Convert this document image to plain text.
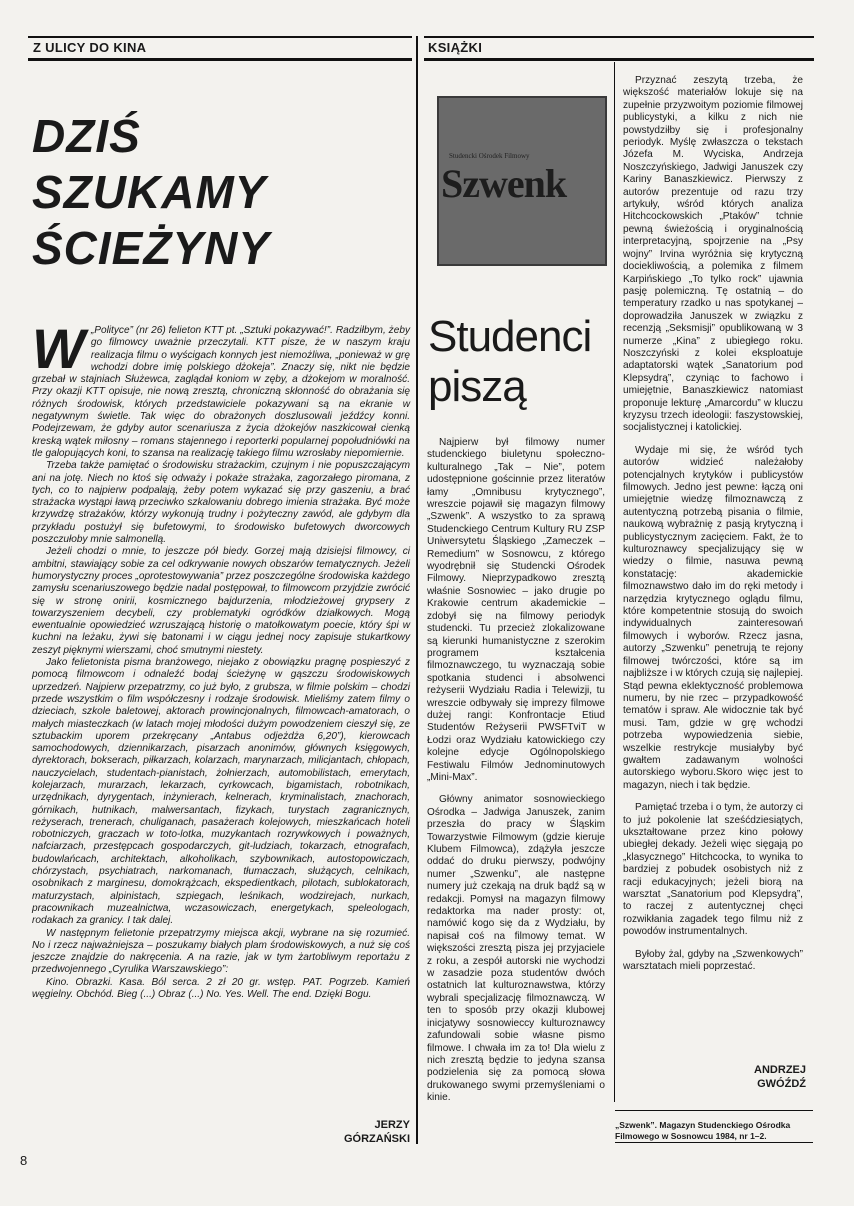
Z ULICY DO KINA	KSIĄŻKI
DZIŚ
SZUKAMY
ŚCIEŻYNY

W „Polityce” (nr 26) felieton KTT pt. „Sztuki pokazywać!”. Radziłbym, żeby go filmowcy uważnie przeczytali. KTT pisze, że w naszym kraju realizacja filmu o wyścigach konnych jest niemożliwa, „ponieważ w grę wchodzi dobre imię polskiego dżokeja”. Znaczy się, nikt nie będzie grzebał w stajniach Służewca, zaglądał koniom w zęby, a dżokejom w moralność. Przy okazji KTT opisuje, nie nową zresztą, chroniczną skłonność do obrażania się różnych środowisk, których przedstawiciele pokazywani są na ekranie w negatywnym świetle. Tak więc do obrażonych doszlusowali jeźdźcy konni. Podejrzewam, że gdyby autor scenariusza z życia dżokejów naszkicował cienką kreską wątek miłosny – romans stajennego i reporterki popularnej popołudniówki na tle galopujących koni, to szansa na realizację takiego filmu wzrosłaby niepomiernie.

Trzeba także pamiętać o środowisku strażackim, czujnym i nie popuszczającym ani na jotę. Niech no ktoś się odważy i pokaże strażaka, zagorzałego piromana, z tych, co to najpierw podpalają, żeby potem wykazać się przy gaszeniu, a brać strażacka wystąpi ławą przeciwko szkalowaniu dobrego imienia strażaka. Być może krzywdzę strażaków, którzy wykonują trudny i pożyteczny zawód, ale gdybym dla przykładu postużył się bufetowymi, to środowisko bufetowych dworcowych poszczułoby mnie salmonellą.

Jeżeli chodzi o mnie, to jeszcze pół biedy. Gorzej mają dzisiejsi filmowcy, ci ambitni, stawiający sobie za cel odkrywanie nowych obszarów tematycznych. Jeżeli humorystyczny proces „oprotestowywania” przez poszczególne środowiska każdego zamysłu scenariuszowego będzie nadal postępował, to filmowcom przyjdzie zwrócić się w stronę onirii, kosmicznego bajdurzenia, młodzieżowej grypsery z towarzyszeniem decybeli, czy problematyki ogródków działkowych. Mogą ewentualnie opowiedzieć wzruszającą historię o matołkowatym poecie, który śpi w kuchni na leżaku, żywi się batonami i w ciągu jednej nocy zapisuje stukartkowy zeszyt pięknymi wierszami, choć smutnymi niestety.

Jako felietonista pisma branżowego, niejako z obowiązku pragnę pospieszyć z pomocą filmowcom i odnaleźć bodaj ścieżynę w gąszczu środowiskowych uprzedzeń. Najpierw przepatrzmy, co już było, z grubsza, w filmie polskim – chodzi przede wszystkim o film współczesny i rodzaje środowisk. Mieliśmy zatem filmy o dzieciach, szkole baletowej, aktorach prowincjonalnych, filmowcach-amatorach, o małych miasteczkach (w latach mojej młodości dużym powodzeniem cieszył się, ze sztubackim uporem przekręcany „Antabus odjeżdża 6,20”), kierowcach samochodowych, dziennikarzach, pisarzach anonimów, głównych księgowych, dyrektorach, bokserach, piłkarzach, kolarzach, marynarzach, milicjantach, chłopach, nauczycielach, studentach-pianistach, żołnierzach, automobilistach, emerytach, kolejarzach, murarzach, lekarzach, cyrkowcach, bigamistach, robotnikach, urzędnikach, dyrygentach, inżynierach, kelnerach, kryminalistach, znachorach, górnikach, hutnikach, malwersantach, fizykach, turystach zagranicznych, reżyserach, trenerach, chuliganach, pasażerach kolejowych, mieszkańcach hoteli robotniczych, graczach w toto-lotka, muzykantach rozrywkowych i poważnych, nafciarzach, przestępcach gospodarczych, git-ludziach, tokarzach, etnografach, budowlańcach, architektach, alkoholikach, szybownikach, autostopowiczach, chórzystach, psychiatrach, narkomanach, tłumaczach, służących, celnikach, osobnikach z marginesu, domokrążcach, ekspedientkach, pilotach, sublokatorach, maturzystach, alpinistach, szpiegach, leśnikach, wodzirejach, nurkach, pracownikach muzealnictwa, wczasowiczach, energetykach, speleologach, rodakach za granicy. I tak dalej.

W następnym felietonie przepatrzymy miejsca akcji, wybrane na się rozumieć. No i rzecz najważniejsza – poszukamy białych plam środowiskowych, a nuż się coś jeszcze znajdzie do nakręcenia. A na razie, jak w tym żartobliwym reportażu z przedwojennego „Cyrulika Warszawskiego”:

Kino. Obrazki. Kasa. Ból serca. 2 zł 20 gr. wstęp. PAT. Pogrzeb. Kamień węgielny. Obchód. Bieg (...) Obraz (...) No. Yes. Well. The end. Dzięki Bogu.

JERZY
GÓRZAŃSKI
Studencki Ośrodek Filmowy
Szwenk
Studenci
piszą

Najpierw był filmowy numer studenckiego biuletynu społeczno-kulturalnego „Tak – Nie”, potem udostępnione gościnnie przez literatów łamy „Omnibusu krytycznego”, wreszcie pojawił się magazyn filmowy „Szwenk”. A wszystko to za sprawą Studenckiego Centrum Kultury RU ZSP Uniwersytetu Śląskiego „Zameczek – Remedium” w Sosnowcu, z którego wyodrębnił się Studencki Ośrodek Filmowy. Nieprzypadkowo zresztą właśnie Sosnowiec – jako drugie po Krakowie centrum akademickie – zdobył się na filmowy periodyk studencki. Tu przecież zlokalizowane są kierunki humanistyczne z szerokim programem kształcenia filmoznawczego, tu wyznaczają sobie spotkania studenci i absolwenci reżyserii Wydziału Radia i Telewizji, tu wreszcie odbywały się imprezy filmowe dużej rangi: Konfrontacje Etiud Studentów Reżyserii PWSFTviT w Łodzi oraz Wydziału katowickiego czy kolejne edycje Ogólnopolskiego Festiwalu Filmów Jednominutowych „Mini-Max”.

Główny animator sosnowieckiego Ośrodka – Jadwiga Januszek, zanim przeszła do pracy w Śląskim Towarzystwie Filmowym (gdzie kieruje Klubem Filmowca), zdążyła jeszcze oddać do druku pierwszy, podwójny numer „Szwenku”, ale następne numery już czekają na druk bądź są w redakcji. Pomysł na magazyn filmowy redaktorka ma nader prosty: ot, namówić kogo się da z Wydziału, by napisał coś na filmowy temat. W większości zresztą pisza jej przyjaciele z roku, a zespół autorski nie wychodzi w zasadzie poza studentów dwóch ostatnich lat kulturoznawstwa, którzy wybrali specjalizację filmoznawczą. W ten to sposób przy okazji klubowej inicjatywy sosnowieccy kulturoznawcy zafundowali sobie własne pismo filmowe. I chwała im za to! Dla wielu z nich zresztą będzie to jedyna szansa podzielenia się za pomocą słowa drukowanego swymi przemyśleniami o kinie.

Przyznać zeszytą trzeba, że większość materiałów lokuje się na zupełnie przyzwoitym poziomie filmowej publicystyki, a kilku z nich nie powstydziłby się i profesjonalny periodyk. Myślę zwłaszcza o tekstach Józefa M. Wyciska, Andrzeja Noszczyńskiego, Jadwigi Januszek czy Kariny Banaszkiewicz. Pierwszy z autorów prezentuje od razu trzy artykuły, wśród których analiza Hitchcockowskich „Ptaków” tchnie pewną świeżością i oryginalnością interpretacyjną, spojrzenie na „Psy wojny” Irvina wyróżnia się krytyczną dociekliwością, a polemika z filmem Karpińskiego „To tylko rock” ujawnia pasję polemiczną. Tę ostatnią – do temperatury rzadko u nas spotykanej – doprowadziła Januszek w związku z recenzją „Seksmisji” opublikowaną w 3 numerze „Kina” z ubiegłego roku. Noszczyński z kolei eksploatuje adaptatorski wątek „Sanatorium pod Klepsydrą”, czyniąc to fachowo i umiejętnie, Banaszkiewicz natomiast proponuje lekturę „Amarcordu” w kluczu kryzysu trzech ideologii: faszystowskiej, socjalistycznej i katolickiej.

Wydaje mi się, że wśród tych autorów widzieć należałoby potencjalnych krytyków i publicystów filmowych. Jedno jest pewne: łączą oni umiejętnie wiedzę filmoznawczą z autentyczną potrzebą pisania o filmie, naukową wybrażnię z pasją krytyczną i publicystycznym zacięciem. Fakt, że to kulturoznawcy specjalizujący się w wiedzy o filmie, nasuwa pewną konstatację: akademickie filmoznawstwo dało im do ręki metody i narzędzia krytycznego oglądu filmu, które kompetentnie stosują do swoich indywidualnych zainteresowań filmowych i wyborów. Rzecz jasna, autorzy „Szwenku” penetrują te rejony filmowej twórczości, które są im najbliższe i w których czują się najlepiej. Stąd pewna eklektyczność problemowa numeru, by nie rzec – przypadkowość tematów i spraw. Ale widocznie tak być musi. Tam, gdzie w grę wchodzi potrzeba wypowiedzenia siebie, wszelkie restrykcje musiałyby być gwałtem zadawanym wolności autorskiego wyboru.Skoro więc jest to magazyn, niech i tak będzie.

Pamiętać trzeba i o tym, że autorzy ci to już pokolenie lat sześćdziesiątych, ukształtowane przez kino połowy ubiegłej dekady. Jeżeli więc sięgają po „klasycznego” Hitchcocka, to wynika to bardziej z pobudek osobistych niż z racji edukacyjnych; jeżeli biorą na warsztat „Sanatorium pod Klepsydrą”, to raczej z autentycznej chęci rozwikłania zagadek tego filmu niż z powodów instrumentalnych.

Byłoby żal, gdyby na „Szwenkowych” warsztatach mieli poprzestać.

ANDRZEJ
GWÓŹDŹ
„Szwenk”. Magazyn Studenckiego Ośrodka Filmowego w Sosnowcu 1984, nr 1–2.
8
